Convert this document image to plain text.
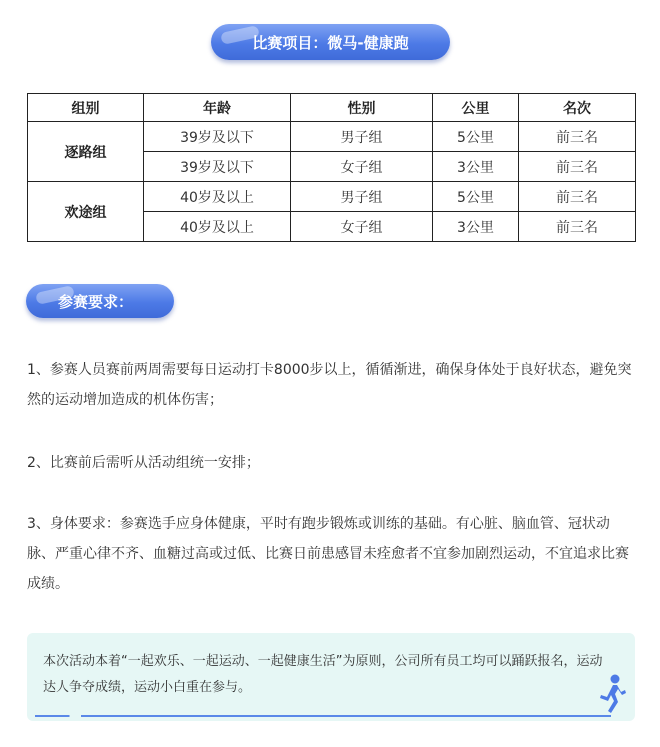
比赛项目：微马-健康跑
组别	年龄	性别	公里	名次
逐路组	39岁及以下	男子组	5公里	前三名
	39岁及以下	女子组	3公里	前三名
欢途组	40岁及以上	男子组	5公里	前三名
	40岁及以上	女子组	3公里	前三名
参赛要求：
1、参赛人员赛前两周需要每日运动打卡8000步以上，循循渐进，确保身体处于良好状态，避免突然的运动增加造成的机体伤害；
2、比赛前后需听从活动组统一安排；
3、身体要求：参赛选手应身体健康，平时有跑步锻炼或训练的基础。有心脏、脑血管、冠状动脉、严重心律不齐、血糖过高或过低、比赛日前患感冒未痊愈者不宜参加剧烈运动，不宜追求比赛成绩。
本次活动本着“一起欢乐、一起运动、一起健康生活”为原则，公司所有员工均可以踊跃报名，运动达人争夺成绩，运动小白重在参与。
